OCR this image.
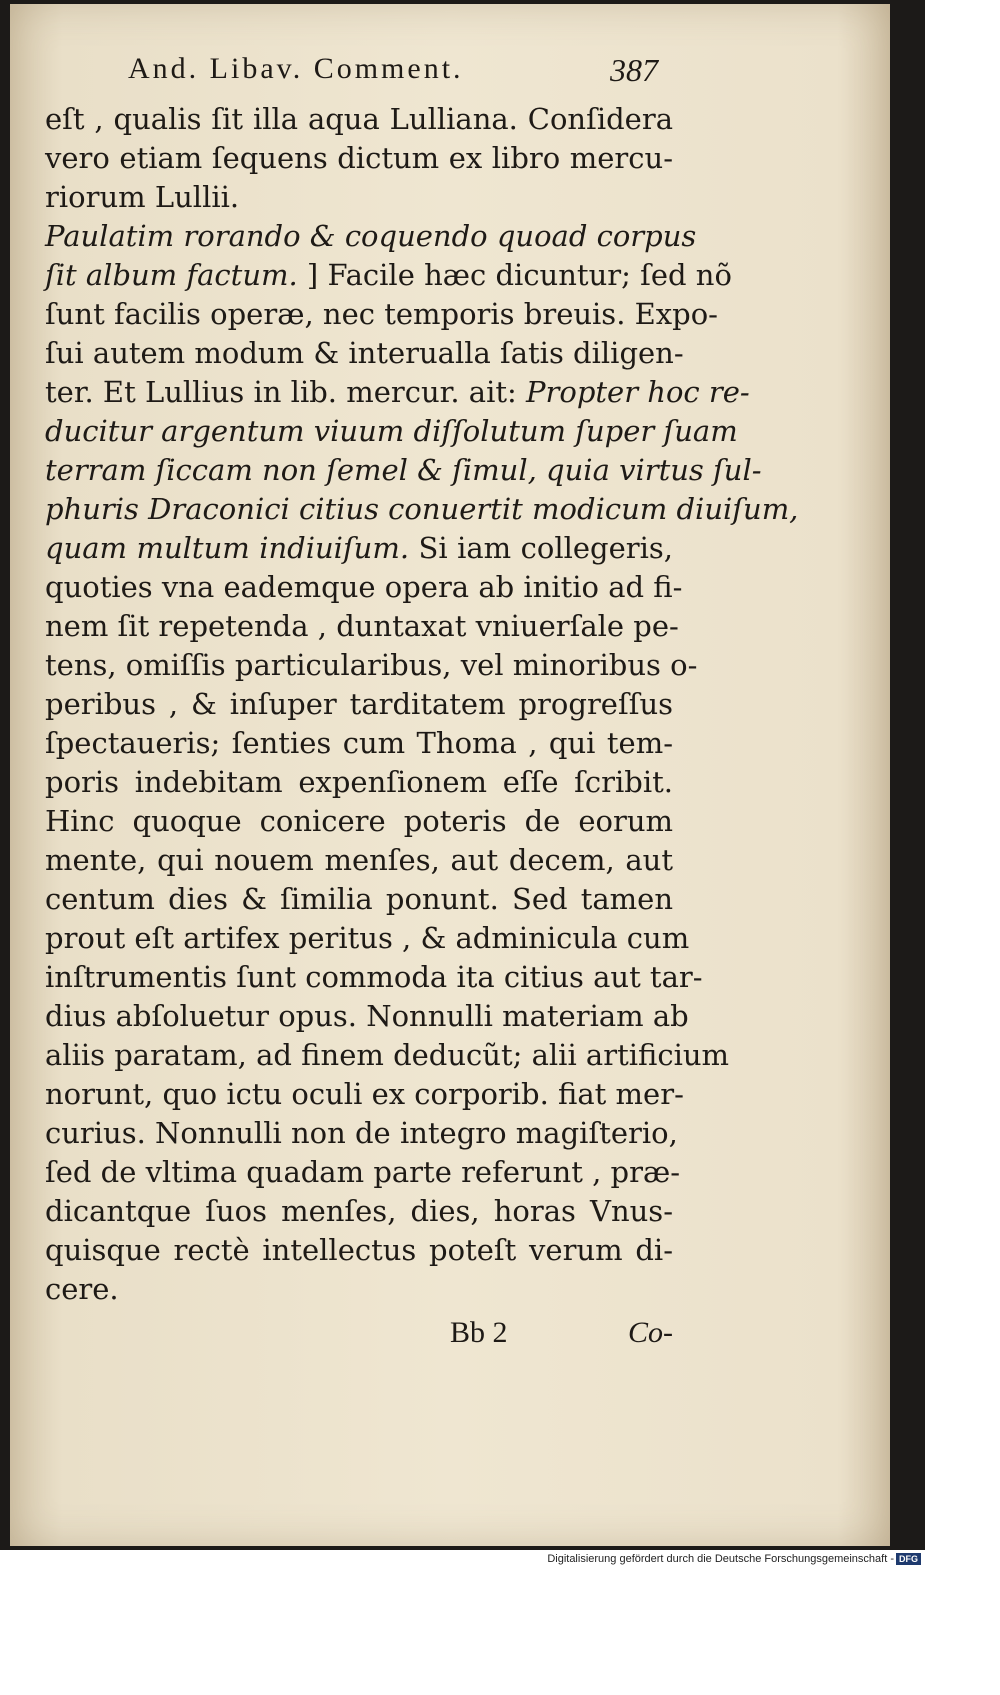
And. Libav. Comment.	387
eſt , qualis ſit illa aqua Lulliana. Conſidera
vero etiam ſequens dictum ex libro mercu-
riorum Lullii.
Paulatim rorando & coquendo quoad corpus
ſit album factum. ] Facile hæc dicuntur; ſed nõ
ſunt facilis operæ, nec temporis breuis. Expo-
ſui autem modum & interualla ſatis diligen-
ter. Et Lullius in lib. mercur. ait: Propter hoc re-
ducitur argentum viuum diſſolutum ſuper ſuam
terram ſiccam non ſemel & ſimul, quia virtus ſul-
phuris Draconici citius conuertit modicum diuiſum,
quam multum indiuiſum. Si iam collegeris,
quoties vna eademque opera ab initio ad fi-
nem ſit repetenda , duntaxat vniuerſale pe-
tens, omiſſis particularibus, vel minoribus o-
peribus , & inſuper tarditatem progreſſus
ſpectaueris; ſenties cum Thoma , qui tem-
poris indebitam expenſionem eſſe ſcribit.
Hinc quoque conicere poteris de eorum
mente, qui nouem menſes, aut decem, aut
centum dies & ſimilia ponunt. Sed tamen
prout eſt artifex peritus , & adminicula cum
inſtrumentis ſunt commoda ita citius aut tar-
dius abſoluetur opus. Nonnulli materiam ab
aliis paratam, ad finem deducũt; alii artificium
norunt, quo ictu oculi ex corporib. fiat mer-
curius. Nonnulli non de integro magiſterio,
ſed de vltima quadam parte referunt , præ-
dicantque ſuos menſes, dies, horas Vnus-
quisque rectè intellectus poteſt verum di-
cere.
Bb 2	Co-
Digitalisierung gefördert durch die Deutsche Forschungsgemeinschaft - DFG
